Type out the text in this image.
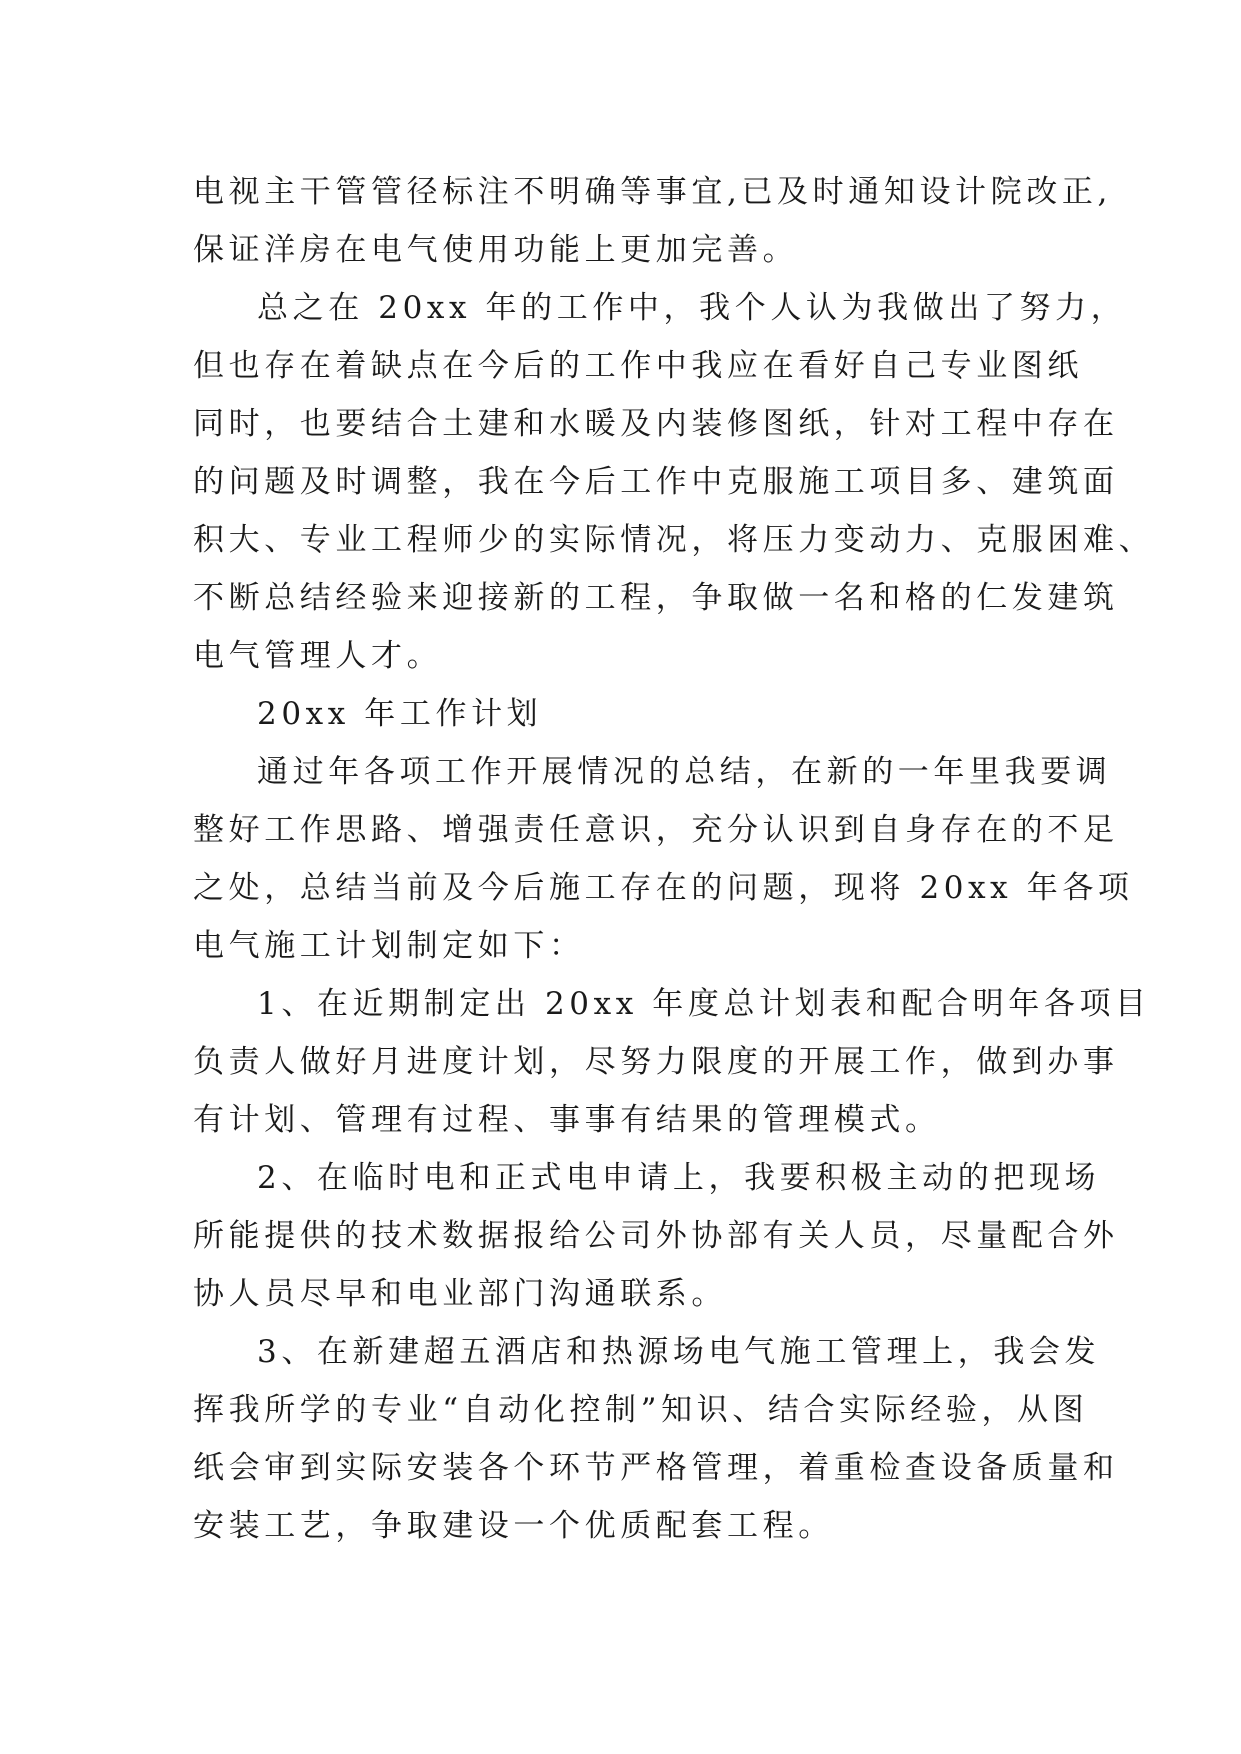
电视主干管管径标注不明确等事宜,已及时通知设计院改正,
保证洋房在电气使用功能上更加完善。
总之在 20xx 年的工作中，我个人认为我做出了努力，
但也存在着缺点在今后的工作中我应在看好自己专业图纸
同时，也要结合土建和水暖及内装修图纸，针对工程中存在
的问题及时调整，我在今后工作中克服施工项目多、建筑面
积大、专业工程师少的实际情况，将压力变动力、克服困难、
不断总结经验来迎接新的工程，争取做一名和格的仁发建筑
电气管理人才。
20xx 年工作计划
通过年各项工作开展情况的总结，在新的一年里我要调
整好工作思路、增强责任意识，充分认识到自身存在的不足
之处，总结当前及今后施工存在的问题，现将 20xx 年各项
电气施工计划制定如下：
1、在近期制定出 20xx 年度总计划表和配合明年各项目
负责人做好月进度计划，尽努力限度的开展工作，做到办事
有计划、管理有过程、事事有结果的管理模式。
2、在临时电和正式电申请上，我要积极主动的把现场
所能提供的技术数据报给公司外协部有关人员，尽量配合外
协人员尽早和电业部门沟通联系。
3、在新建超五酒店和热源场电气施工管理上，我会发
挥我所学的专业“自动化控制”知识、结合实际经验，从图
纸会审到实际安装各个环节严格管理，着重检查设备质量和
安装工艺，争取建设一个优质配套工程。
